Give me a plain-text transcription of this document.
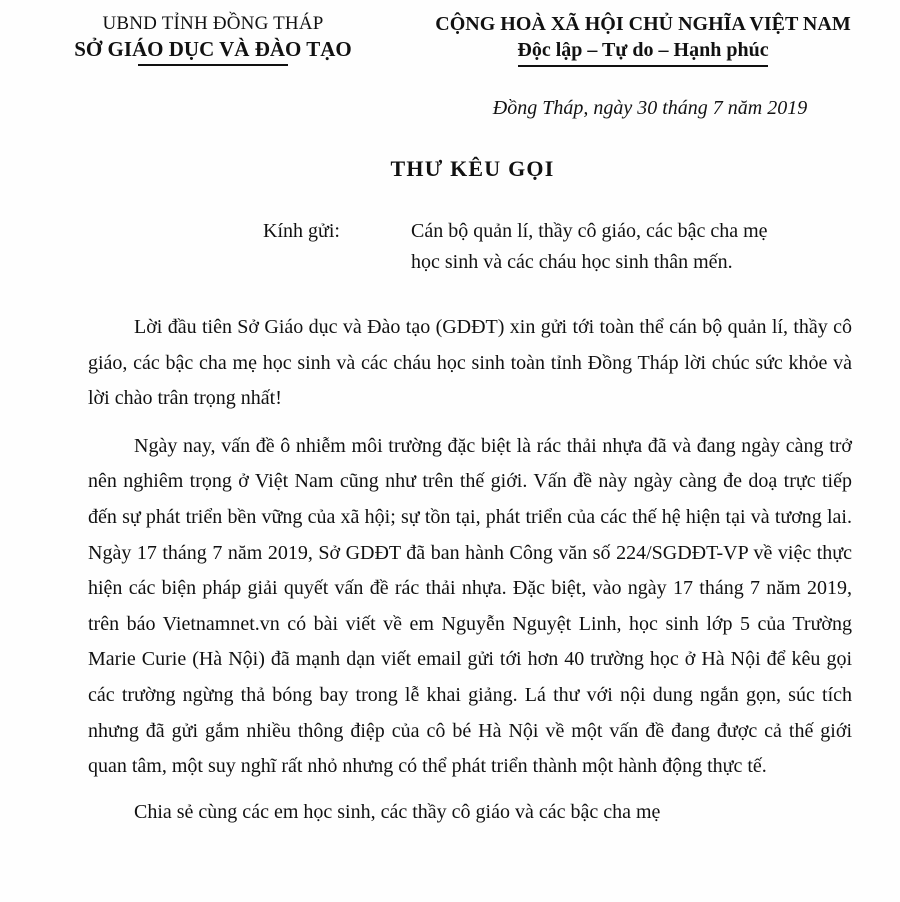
UBND TỈNH ĐỒNG THÁP
SỞ GIÁO DỤC VÀ ĐÀO TẠO
CỘNG HOÀ XÃ HỘI CHỦ NGHĨA VIỆT NAM
Độc lập – Tự do – Hạnh phúc
Đồng Tháp, ngày 30 tháng 7 năm 2019
THƯ KÊU GỌI
Kính gửi:	Cán bộ quản lí, thầy cô giáo, các bậc cha mẹ
học sinh và các cháu học sinh thân mến.

Lời đầu tiên Sở Giáo dục và Đào tạo (GDĐT) xin gửi tới toàn thể cán bộ quản lí, thầy cô giáo, các bậc cha mẹ học sinh và các cháu học sinh toàn tỉnh Đồng Tháp lời chúc sức khỏe và lời chào trân trọng nhất!

Ngày nay, vấn đề ô nhiễm môi trường đặc biệt là rác thải nhựa đã và đang ngày càng trở nên nghiêm trọng ở Việt Nam cũng như trên thế giới. Vấn đề này ngày càng đe doạ trực tiếp đến sự phát triển bền vững của xã hội; sự tồn tại, phát triển của các thế hệ hiện tại và tương lai. Ngày 17 tháng 7 năm 2019, Sở GDĐT đã ban hành Công văn số 224/SGDĐT-VP về việc thực hiện các biện pháp giải quyết vấn đề rác thải nhựa. Đặc biệt, vào ngày 17 tháng 7 năm 2019, trên báo Vietnamnet.vn có bài viết về em Nguyễn Nguyệt Linh, học sinh lớp 5 của Trường Marie Curie (Hà Nội) đã mạnh dạn viết email gửi tới hơn 40 trường học ở Hà Nội để kêu gọi các trường ngừng thả bóng bay trong lễ khai giảng. Lá thư với nội dung ngắn gọn, súc tích nhưng đã gửi gắm nhiều thông điệp của cô bé Hà Nội về một vấn đề đang được cả thế giới quan tâm, một suy nghĩ rất nhỏ nhưng có thể phát triển thành một hành động thực tế.

Chia sẻ cùng các em học sinh, các thầy cô giáo và các bậc cha mẹ
